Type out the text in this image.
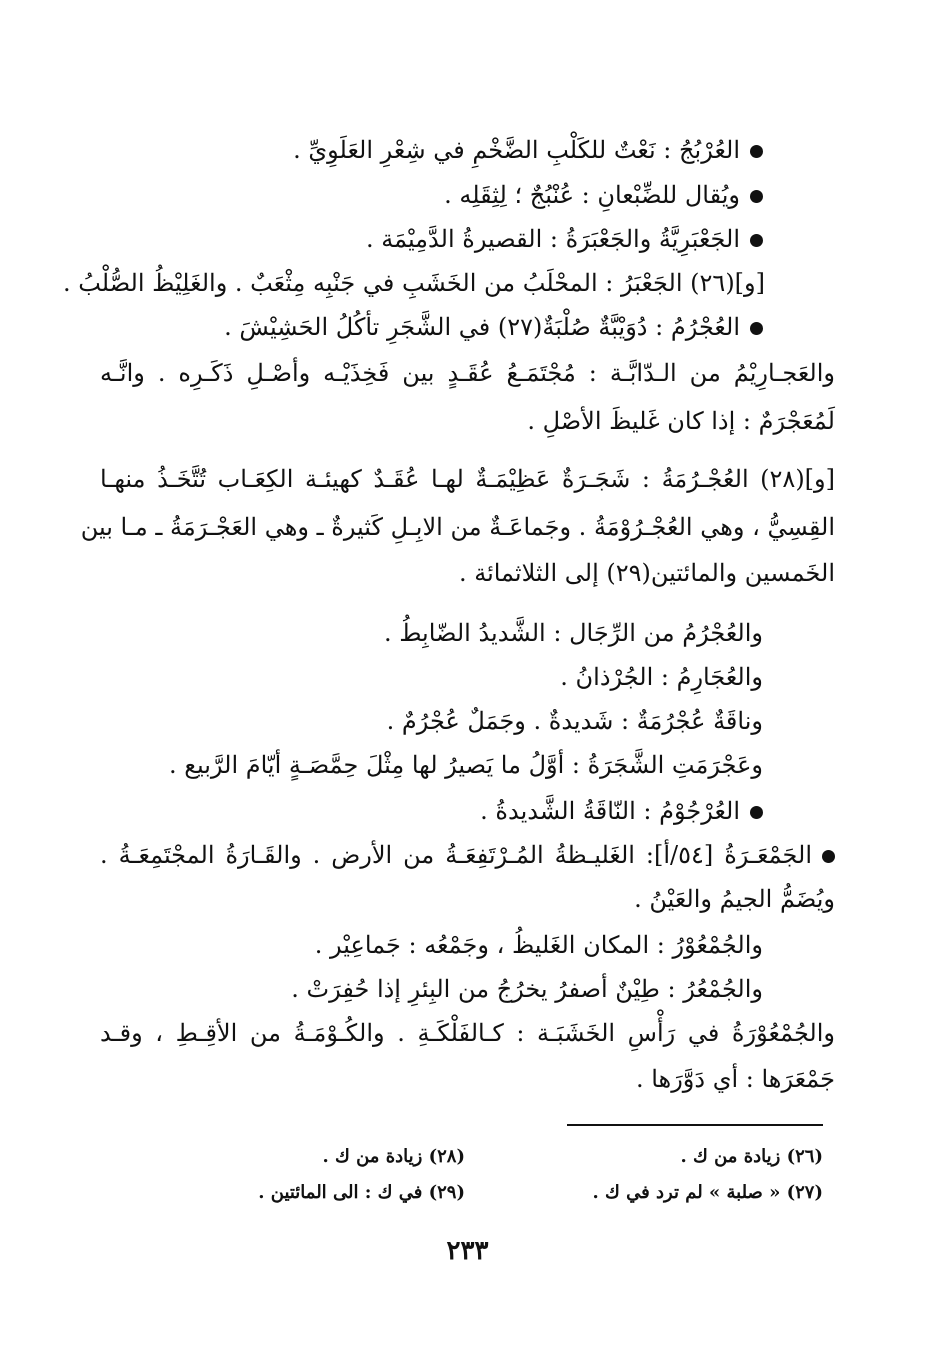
العُرْبُجُ : نَعْتٌ للكَلْبِ الضَّخْمِ في شِعْرِ العَلَوِيِّ .
ويُقال للضِّبْعانِ : عُنْبُجٌ ؛ لِثِقَلِه .
الجَعْبَرِيَّةُ والجَعْبَرَةُ : القصيرةُ الدَّمِيْمَة .
[و](٢٦) الجَعْبَرُ : المحْلَبُ من الخَشَبِ في جَنْبِه مِثْعَبٌ . والغَلِيْظُ الصُّلْبُ .
العُجْرُمُ : دُوَيْبَّةٌ صُلْبَةٌ(٢٧) في الشَّجَرِ تأكُلُ الحَشِيْشَ .
والعَجـارِيْمُ من الـدّابَّـة : مُجْتَمَـعُ عُقَـدٍ بين فَخِذَيْـه وأصْـلِ ذَكَـرِه . وانَّـه
لَمُعَجْرَمٌ : إذا كان غَليظَ الأصْلِ .
[و](٢٨) العُجْـرُمَةُ : شَجَـرَةٌ عَظِيْمَـةٌ لهـا عُقَـدٌ كهيئـة الكِعَـاب تُتَّخَـذُ منهـا
القِسِيُّ ، وهي العُجْـرُوْمَةُ . وجَماعَـةٌ من الابِـلِ كَثيرةٌ ـ وهي العَجْـرَمَةُ ـ مـا بين
الخَمسين والمائتين(٢٩) إلى الثلاثمائة .
والعُجْرُمُ من الرِّجَال : الشَّديدُ الضّابِطُ .
والعُجَارِمُ : الجُرْذانُ .
وناقَةٌ عُجْرُمَةٌ : شَديدةٌ . وجَمَلٌ عُجْرُمٌ .
وعَجْرَمَتِ الشَّجَرَةُ : أوَّلُ ما يَصيرُ لها مِثْلَ حِمَّصَـةٍ أيّامَ الرَّبيع .
العُرْجُوْمُ : النّاقَةُ الشَّديدةُ .
الجَمْعَـرَةُ [٥٤/أ]: الغَليـظةُ المُـرْتَفِعَـةُ من الأرض . والقَـارَةُ المجْتَمِعَـةُ .
ويُضَمُّ الجيمُ والعَيْنُ .
والجُمْعُوْرُ : المكان الغَليظُ ، وجَمْعُه : جَماعِيْر .
والجُمْعُرُ : طِيْنٌ أصفرُ يخرُجُ من البِئرِ إذا حُفِرَتْ .
والجُمْعُوْرَةُ في رَأْسِ الخَشَبَـة : كـالفَلْكَـةِ . والكُـوْمَـةُ من الأقِـطِ ، وقـد
جَمْعَرَها : أي دَوَّرَها .
(٢٦) زيادة من ك .
(٢٨) زيادة من ك .
(٢٧) « صلبة » لم ترد في ك .
(٢٩) في ك : الى المائتين .
٢٣٣
